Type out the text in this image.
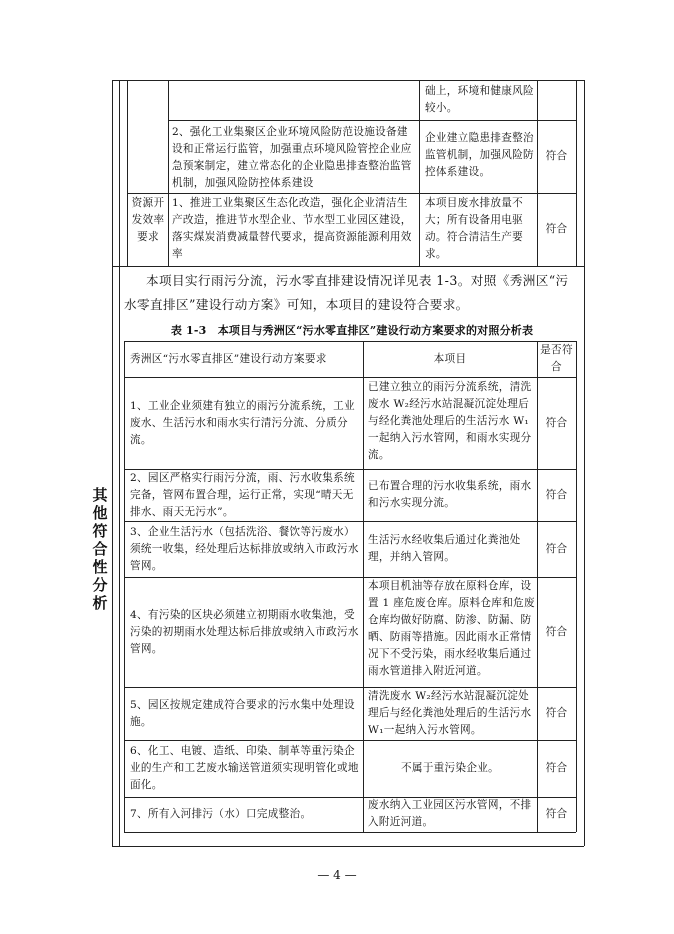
础上，环境和健康风险较小。
2、强化工业集聚区企业环境风险防范设施设备建设和正常运行监管，加强重点环境风险管控企业应急预案制定，建立常态化的企业隐患排查整治监管机制，加强风险防控体系建设
企业建立隐患排查整治监管机制，加强风险防控体系建设。
符合
资源开发效率要求
1、推进工业集聚区生态化改造，强化企业清洁生产改造，推进节水型企业、节水型工业园区建设，落实煤炭消费减量替代要求，提高资源能源利用效率
本项目废水排放量不大；所有设备用电驱动。符合清洁生产要求。
符合
其
他
符
合
性
分
析
本项目实行雨污分流，污水零直排建设情况详见表 1-3。对照《秀洲区“污
水零直排区”建设行动方案》可知，本项目的建设符合要求。
表 1-3　本项目与秀洲区“污水零直排区”建设行动方案要求的对照分析表
秀洲区“污水零直排区”建设行动方案要求	本项目
是否符合
1、工业企业须建有独立的雨污分流系统，工业废水、生活污水和雨水实行清污分流、分质分流。
已建立独立的雨污分流系统，清洗废水 W₂经污水站混凝沉淀处理后与经化粪池处理后的生活污水 W₁一起纳入污水管网，和雨水实现分流。
符合
2、园区严格实行雨污分流，雨、污水收集系统完备，管网布置合理，运行正常，实现“晴天无排水、雨天无污水”。
已布置合理的污水收集系统，雨水和污水实现分流。
符合
3、企业生活污水（包括洗浴、餐饮等污废水）须统一收集，经处理后达标排放或纳入市政污水管网。
生活污水经收集后通过化粪池处理，并纳入管网。
符合
4、有污染的区块必须建立初期雨水收集池，受污染的初期雨水处理达标后排放或纳入市政污水管网。
本项目机油等存放在原料仓库，设置 1 座危废仓库。原料仓库和危废仓库均做好防腐、防渗、防漏、防晒、防雨等措施。因此雨水正常情况下不受污染，雨水经收集后通过雨水管道排入附近河道。
符合
5、园区按规定建成符合要求的污水集中处理设施。
清洗废水 W₂经污水站混凝沉淀处理后与经化粪池处理后的生活污水 W₁一起纳入污水管网。
符合
6、化工、电镀、造纸、印染、制革等重污染企业的生产和工艺废水输送管道须实现明管化或地面化。
不属于重污染企业。	符合
7、所有入河排污（水）口完成整治。
废水纳入工业园区污水管网，不排入附近河道。
符合
— 4 —
